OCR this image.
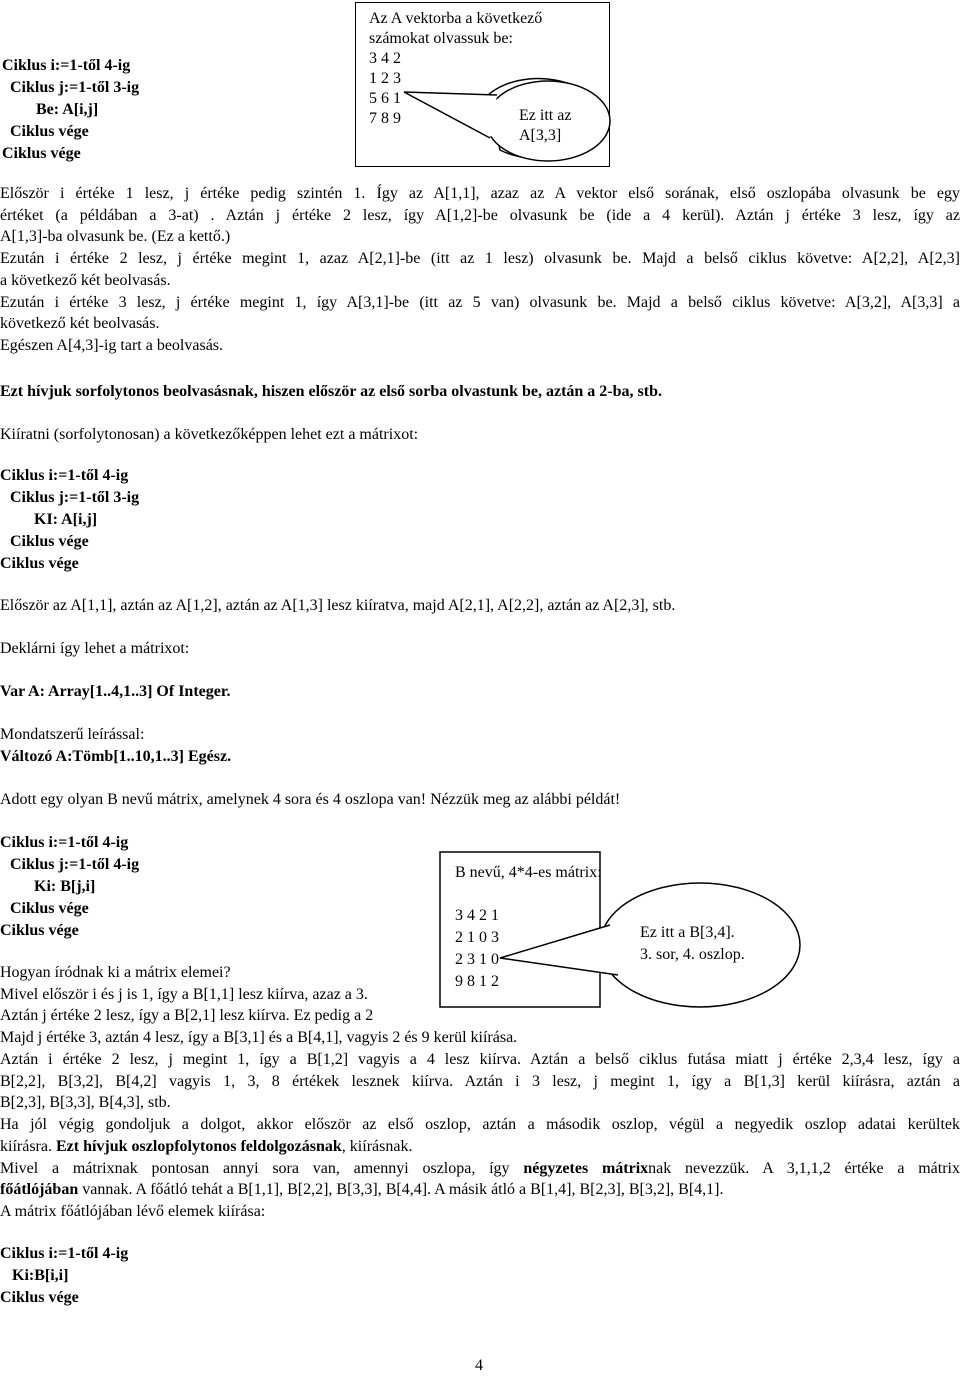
Ciklus i:=1-től 4-ig
Ciklus j:=1-től 3-ig
Be: A[i,j]
Ciklus vége
Ciklus vége
Az A vektorba a következő
számokat olvassuk be:
3 4 2
1 2 3
5 6 1
7 8 9	Ez itt az
A[3,3]
Először i értéke 1 lesz, j értéke pedig szintén 1. Így az A[1,1], azaz az A vektor első sorának, első oszlopába olvasunk be egy
értéket (a példában a 3-at) . Aztán j értéke 2 lesz, így A[1,2]-be olvasunk be (ide a 4 kerül). Aztán j értéke 3 lesz, így az
A[1,3]-ba olvasunk be. (Ez a kettő.)
Ezután i értéke 2 lesz, j értéke megint 1, azaz A[2,1]-be (itt az 1 lesz) olvasunk be. Majd a belső ciklus követve: A[2,2], A[2,3]
a következő két beolvasás.
Ezután i értéke 3 lesz, j értéke megint 1, így A[3,1]-be (itt az 5 van) olvasunk be. Majd a belső ciklus követve: A[3,2], A[3,3] a
következő két beolvasás.
Egészen A[4,3]-ig tart a beolvasás.
Ezt hívjuk sorfolytonos beolvasásnak, hiszen először az első sorba olvastunk be, aztán a 2-ba, stb.
Kiíratni (sorfolytonosan) a következőképpen lehet ezt a mátrixot:
Ciklus i:=1-től 4-ig
Ciklus j:=1-től 3-ig
KI: A[i,j]
Ciklus vége
Ciklus vége
Először az A[1,1], aztán az A[1,2], aztán az A[1,3] lesz kiíratva, majd A[2,1], A[2,2], aztán az A[2,3], stb.
Deklárni így lehet a mátrixot:
Var A: Array[1..4,1..3] Of Integer.
Mondatszerű leírással:
Változó A:Tömb[1..10,1..3] Egész.
Adott egy olyan B nevű mátrix, amelynek 4 sora és 4 oszlopa van! Nézzük meg az alábbi példát!
Ciklus i:=1-től 4-ig
Ciklus j:=1-től 4-ig
Ki: B[j,i]
Ciklus vége
Ciklus vége
B nevű, 4*4-es mátrix:
3 4 2 1
2 1 0 3
2 3 1 0
9 8 1 2
Ez itt a B[3,4].
3. sor, 4. oszlop.
Hogyan íródnak ki a mátrix elemei?
Mivel először i és j is 1, így a B[1,1] lesz kiírva, azaz a 3.
Aztán j értéke 2 lesz, így a B[2,1] lesz kiírva. Ez pedig a 2
Majd j értéke 3, aztán 4 lesz, így a B[3,1] és a B[4,1], vagyis 2 és 9 kerül kiírása.
Aztán i értéke 2 lesz, j megint 1, így a B[1,2] vagyis a 4 lesz kiírva. Aztán a belső ciklus futása miatt j értéke 2,3,4 lesz, így a
B[2,2], B[3,2], B[4,2] vagyis 1, 3, 8 értékek lesznek kiírva. Aztán i 3 lesz, j megint 1, így a B[1,3] kerül kiírásra, aztán a
B[2,3], B[3,3], B[4,3], stb.
Ha jól végig gondoljuk a dolgot, akkor először az első oszlop, aztán a második oszlop, végül a negyedik oszlop adatai kerültek
kiírásra. Ezt hívjuk oszlopfolytonos feldolgozásnak, kiírásnak.
Mivel a mátrixnak pontosan annyi sora van, amennyi oszlopa, így négyzetes mátrixnak nevezzük. A 3,1,1,2 értéke a mátrix
főátlójában vannak. A főátló tehát a B[1,1], B[2,2], B[3,3], B[4,4]. A másik átló a B[1,4], B[2,3], B[3,2], B[4,1].
A mátrix főátlójában lévő elemek kiírása:
Ciklus i:=1-től 4-ig
Ki:B[i,i]
Ciklus vége
4
